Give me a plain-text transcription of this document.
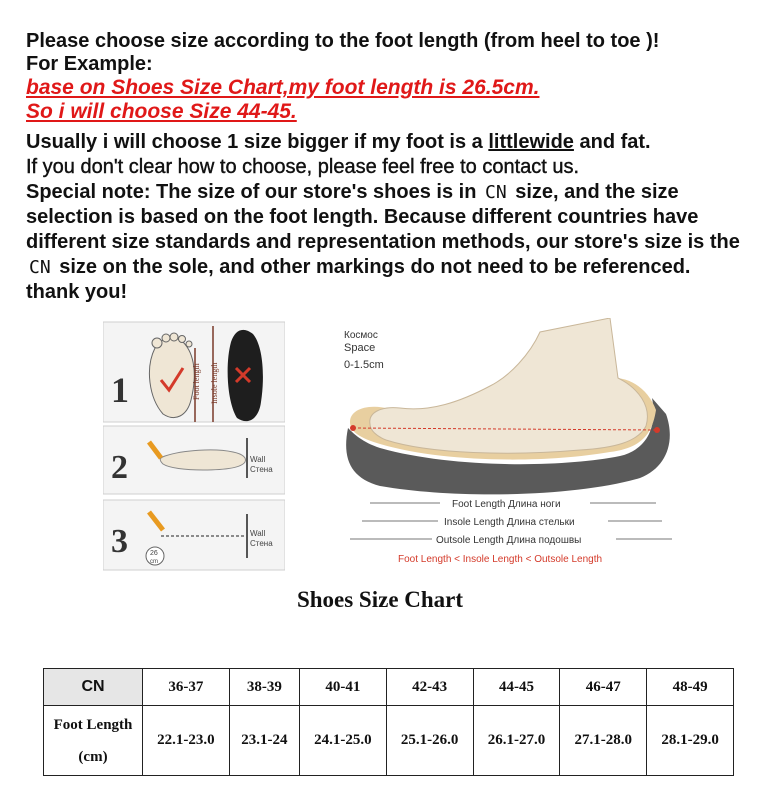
Please choose size according to the foot length (from heel to toe )!
For Example:
base on Shoes Size Chart,my foot length is 26.5cm.
So i will choose Size 44-45.

Usually i will choose 1 size bigger if my foot is a littlewide and fat.

If you don't clear how to choose, please feel free to contact us.

Special note: The size of our store's shoes is in CN size, and the size selection is based on the foot length. Because different countries have different size standards and representation methods, our store's size is the CN size on the sole, and other markings do not need to be referenced. thank you!

1	Foot length Insole length
2	Wall
Стена
3	Wall
Стена
26
cm
Космос
Space
0-1.5cm
Foot Length Длина ноги
Insole Length Длина стельки
Outsole Length Длина подошвы
Foot Length < Insole Length < Outsole Length
Shoes Size Chart
CN	36-37	38-39	40-41	42-43	44-45	46-47	48-49

Foot Length
(cm)	22.1-23.0	23.1-24	24.1-25.0	25.1-26.0	26.1-27.0	27.1-28.0	28.1-29.0
